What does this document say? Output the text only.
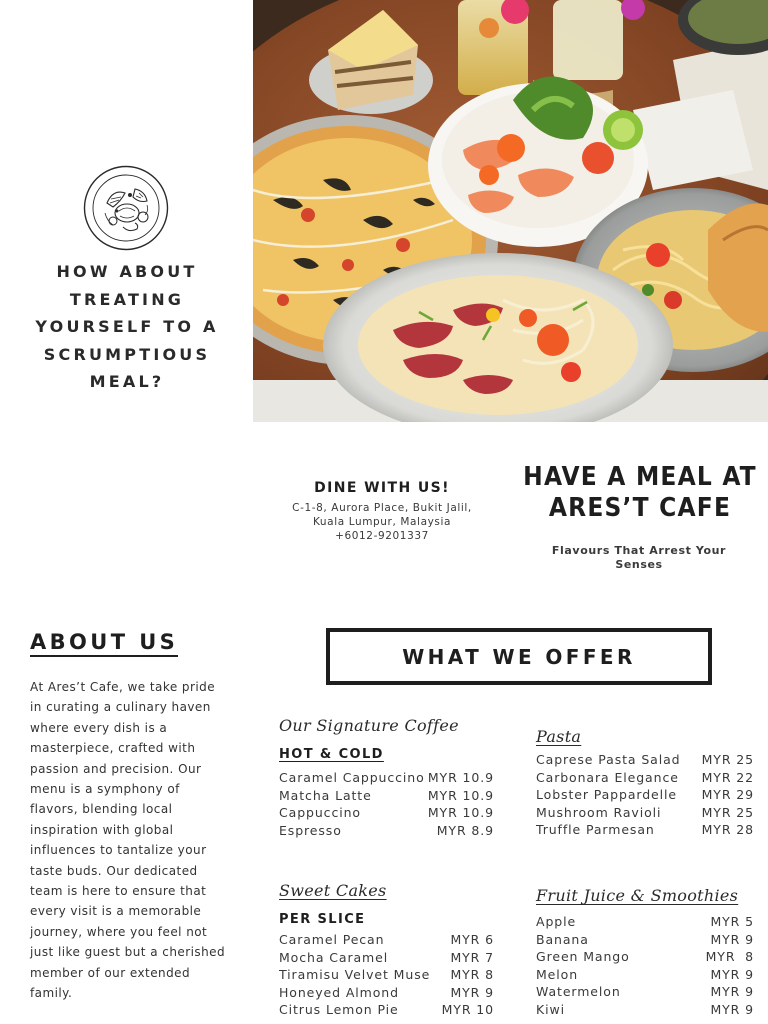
HOW ABOUT TREATING YOURSELF TO A SCRUMPTIOUS MEAL?
DINE WITH US!
C-1-8, Aurora Place, Bukit Jalil,
Kuala Lumpur, Malaysia
+6012-9201337
HAVE A MEAL AT ARES’T CAFE
Flavours That Arrest Your Senses
ABOUT US
At Ares’t Cafe, we take pride in curating a culinary haven where every dish is a masterpiece, crafted with passion and precision. Our menu is a symphony of flavors, blending local inspiration with global influences to tantalize your taste buds. Our dedicated team is here to ensure that every visit is a memorable journey, where you feel not just like guest but a cherished member of our extended family.
WHAT WE OFFER
Our Signature Coffee
HOT & COLD
Caramel Cappuccino MYR 10.9
Matcha Latte	MYR 10.9
Cappuccino	MYR 10.9
Espresso	MYR 8.9
Sweet Cakes
PER SLICE
Caramel Pecan	MYR 6
Mocha Caramel	MYR 7
Tiramisu Velvet Muse MYR 8
Honeyed Almond	MYR 9
Citrus Lemon Pie	MYR 10
Pasta
Caprese Pasta Salad MYR 25
Carbonara Elegance MYR 22
Lobster Pappardelle MYR 29
Mushroom Ravioli	MYR 25
Truffle Parmesan	MYR 28
Fruit Juice & Smoothies
Apple	MYR 5
Banana	MYR 9
Green Mango	MYR  8
Melon	MYR 9
Watermelon	MYR 9
Kiwi	MYR 9
